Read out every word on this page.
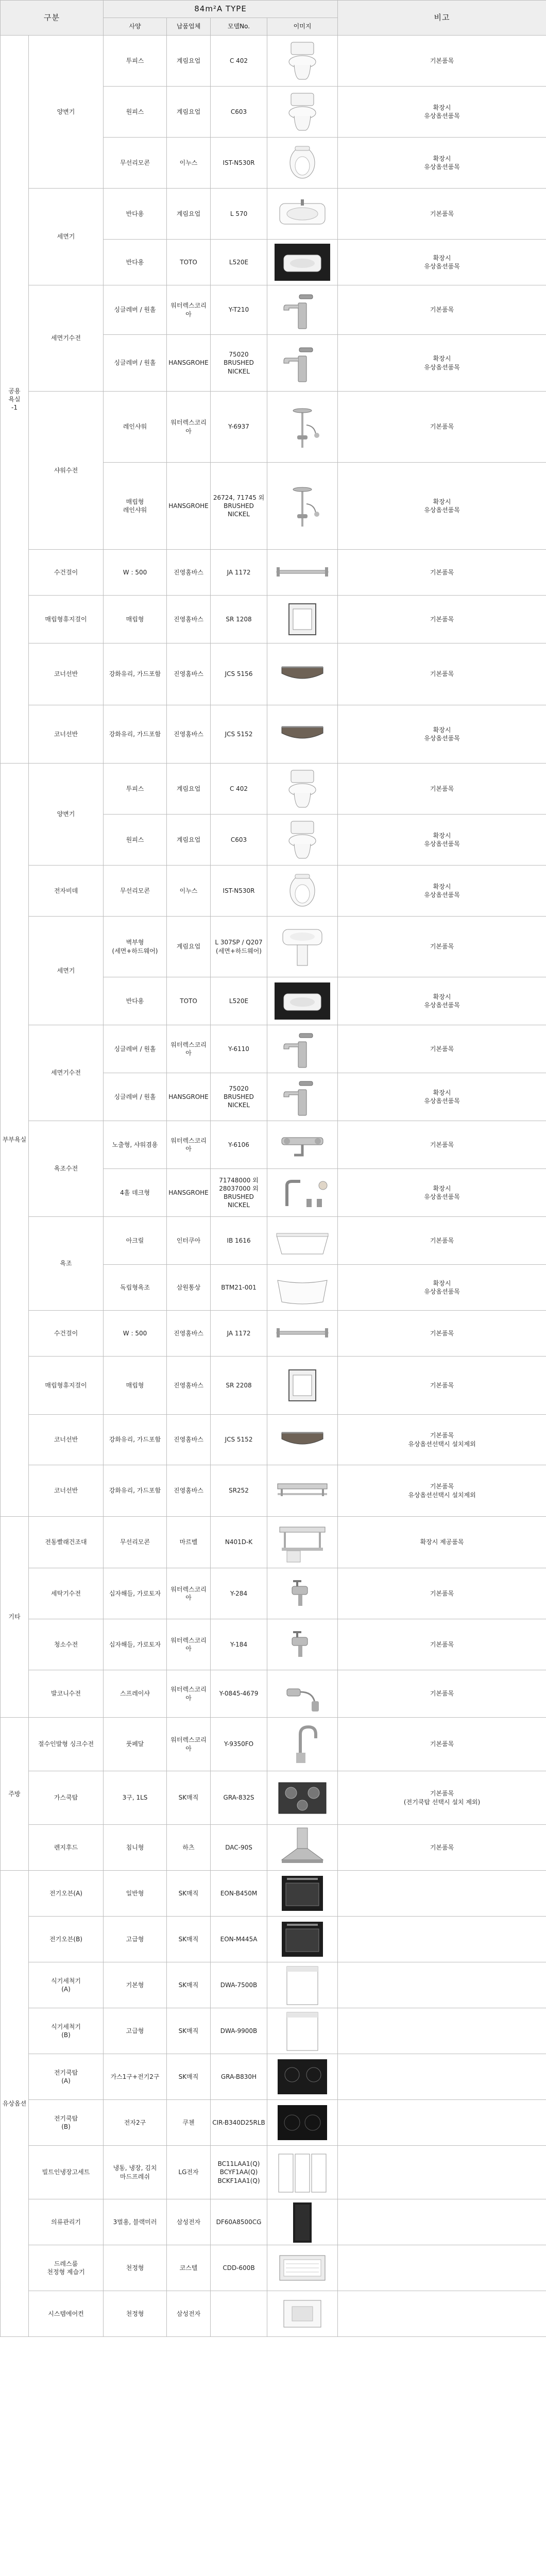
구분		84m²A TYPE				비고
		사양	납품업체	모델No.	이미지	
공용
욕실
-1	양변기	투피스	계림요업	C 402		기본품목
		원피스	계림요업	C603		확장시
유상옵션품목
		무선리모콘	이누스	IST-N530R		확장시
유상옵션품목
	세면기	반다용	계림요업	L 570		기본품목
		반다용	TOTO	L520E		확장시
유상옵션품목
	세면기수전	싱글레버 / 원홀	워터렉스코리아	Y-T210		기본품목
		싱글레버 / 원홀	HANSGROHE	75020
BRUSHED NICKEL		확장시
유상옵션품목
	샤워수전	레인샤워	워터렉스코리아	Y-6937		기본품목
		매립형
레인샤워	HANSGROHE	26724, 71745 외
BRUSHED NICKEL		확장시
유상옵션품목
	수건걸이	W : 500	진영홈바스	JA 1172		기본품목
	매립형휴지걸이	매립형	진영홈바스	SR 1208		기본품목
	코너선반	강화유리, 가드포함	진영홈바스	JCS 5156		기본품목
	코너선반	강화유리, 가드포함	진영홈바스	JCS 5152		확장시
유상옵션품목
부부욕실	양변기	투피스	계림요업	C 402		기본품목
		원피스	계림요업	C603		확장시
유상옵션품목
	전자비데	무선리모콘	이누스	IST-N530R		확장시
유상옵션품목
	세면기	벽부형
(세면+하드웨어)	계림요업	L 307SP / Q207
(세면+하드웨어)		기본품목
		반다용	TOTO	L520E		확장시
유상옵션품목
	세면기수전	싱글레버 / 원홀	워터렉스코리아	Y-6110		기본품목
		싱글레버 / 원홀	HANSGROHE	75020
BRUSHED NICKEL		확장시
유상옵션품목
	욕조수전	노출형, 샤워겸용	워터렉스코리아	Y-6106		기본품목
		4홀 데크형	HANSGROHE	71748000 외
28037000 외
BRUSHED NICKEL		확장시
유상옵션품목
	욕조	아크릴	인터쿠아	IB 1616		기본품목
		독립형욕조	삼원통상	BTM21-001		확장시
유상옵션품목
	수건걸이	W : 500	진영홈바스	JA 1172		기본품목
	매립형휴지걸이	매립형	진영홈바스	SR 2208		기본품목
	코너선반	강화유리, 가드포함	진영홈바스	JCS 5152		기본품목
유상옵션선택시 설치제외
	코너선반	강화유리, 가드포함	진영홈바스	SR252		기본품목
유상옵션선택시 설치제외
기타	전동빨래건조대	무선리모콘	마르벨	N401D-K		확장시 제공품목
	세탁기수전	십자해들, 가로토자	워터렉스코리아	Y-284		기본품목
	청소수전	십자해들, 가로토자	워터렉스코리아	Y-184		기본품목
	발코니수전	스프레이샤	워터렉스코리아	Y-0845-4679		기본품목
주방	절수인발형 싱크수전	풋페달	워터렉스코리아	Y-9350FO		기본품목
	가스쿡탑	3구, 1LS	SK매직	GRA-832S		기본품목
(전기쿡탑 선택시 설치 제외)
	렌지후드	침니형	하츠	DAC-90S		기본품목
유상옵션	전기오븐(A)	일반형	SK매직	EON-B450M	

	전기오븐(B)	고급형	SK매직	EON-M445A	

	식기세척기
(A)	기본형	SK매직	DWA-7500B	

	식기세척기
(B)	고급형	SK매직	DWA-9900B	

	전기쿡탑
(A)	가스1구+전기2구	SK매직	GRA-B830H	

	전기쿡탑
(B)	전자2구	쿠첸	CIR-B340D25RLB	

	빌트인냉장고세트	냉동, 냉장, 김치
마드프레쉬	LG전자	BC11LAA1(Q)
BCYF1AA(Q)
BCKF1AA1(Q)	

	의류관리기	3벌용, 블랙미러	삼성전자	DF60A8500CG	

	드레스룸
천정형 제습기	천정형	코스텔	CDD-600B	

	시스템에어컨	천정형	삼성전자		
